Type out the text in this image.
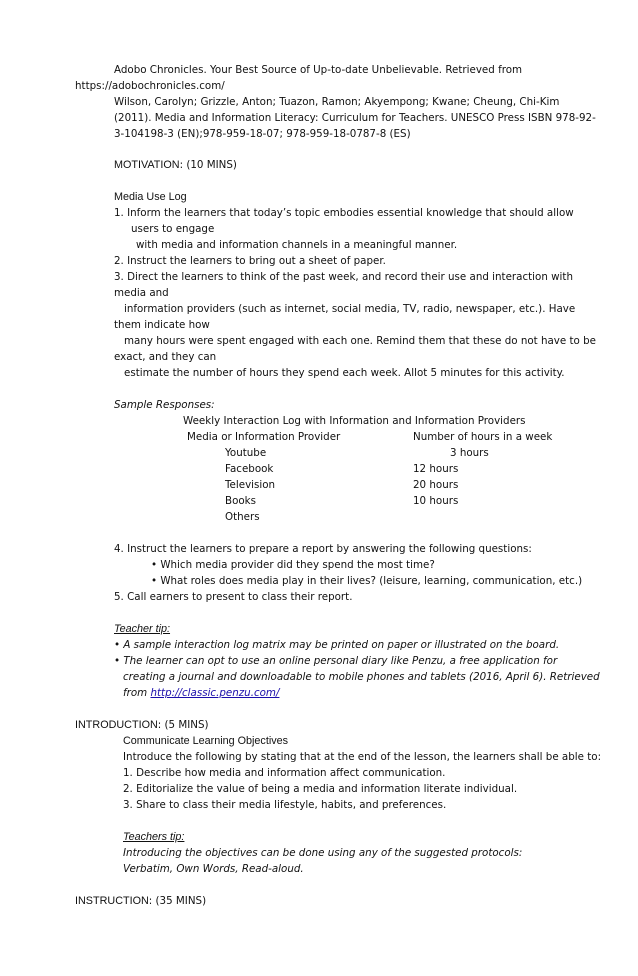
Adobo Chronicles. Your Best Source of Up-to-date Unbelievable. Retrieved from
https://adobochronicles.com/
Wilson, Carolyn; Grizzle, Anton; Tuazon, Ramon; Akyempong; Kwane; Cheung, Chi-Kim
(2011). Media and Information Literacy: Curriculum for Teachers. UNESCO Press ISBN 978-92-
3-104198-3 (EN);978-959-18-07; 978-959-18-0787-8 (ES)
MOTIVATION: (10 MINS)
Media Use Log
1. Inform the learners that today’s topic embodies essential knowledge that should allow
users to engage
with media and information channels in a meaningful manner.
2. Instruct the learners to bring out a sheet of paper.
3. Direct the learners to think of the past week, and record their use and interaction with
media and
information providers (such as internet, social media, TV, radio, newspaper, etc.). Have
them indicate how
many hours were spent engaged with each one. Remind them that these do not have to be
exact, and they can
estimate the number of hours they spend each week. Allot 5 minutes for this activity.
Sample Responses:
Weekly Interaction Log with Information and Information Providers
Media or Information Provider	Number of hours in a week
Youtube	3 hours
Facebook	12 hours
Television	20 hours
Books	10 hours
Others
4. Instruct the learners to prepare a report by answering the following questions:
• Which media provider did they spend the most time?
• What roles does media play in their lives? (leisure, learning, communication, etc.)
5. Call earners to present to class their report.
Teacher tip:
• A sample interaction log matrix may be printed on paper or illustrated on the board.
• The learner can opt to use an online personal diary like Penzu, a free application for
creating a journal and downloadable to mobile phones and tablets (2016, April 6). Retrieved
from http://classic.penzu.com/
INTRODUCTION: (5 MINS)
Communicate Learning Objectives
Introduce the following by stating that at the end of the lesson, the learners shall be able to:
1. Describe how media and information affect communication.
2. Editorialize the value of being a media and information literate individual.
3. Share to class their media lifestyle, habits, and preferences.
Teachers tip:
Introducing the objectives can be done using any of the suggested protocols:
Verbatim, Own Words, Read-aloud.
INSTRUCTION: (35 MINS)
